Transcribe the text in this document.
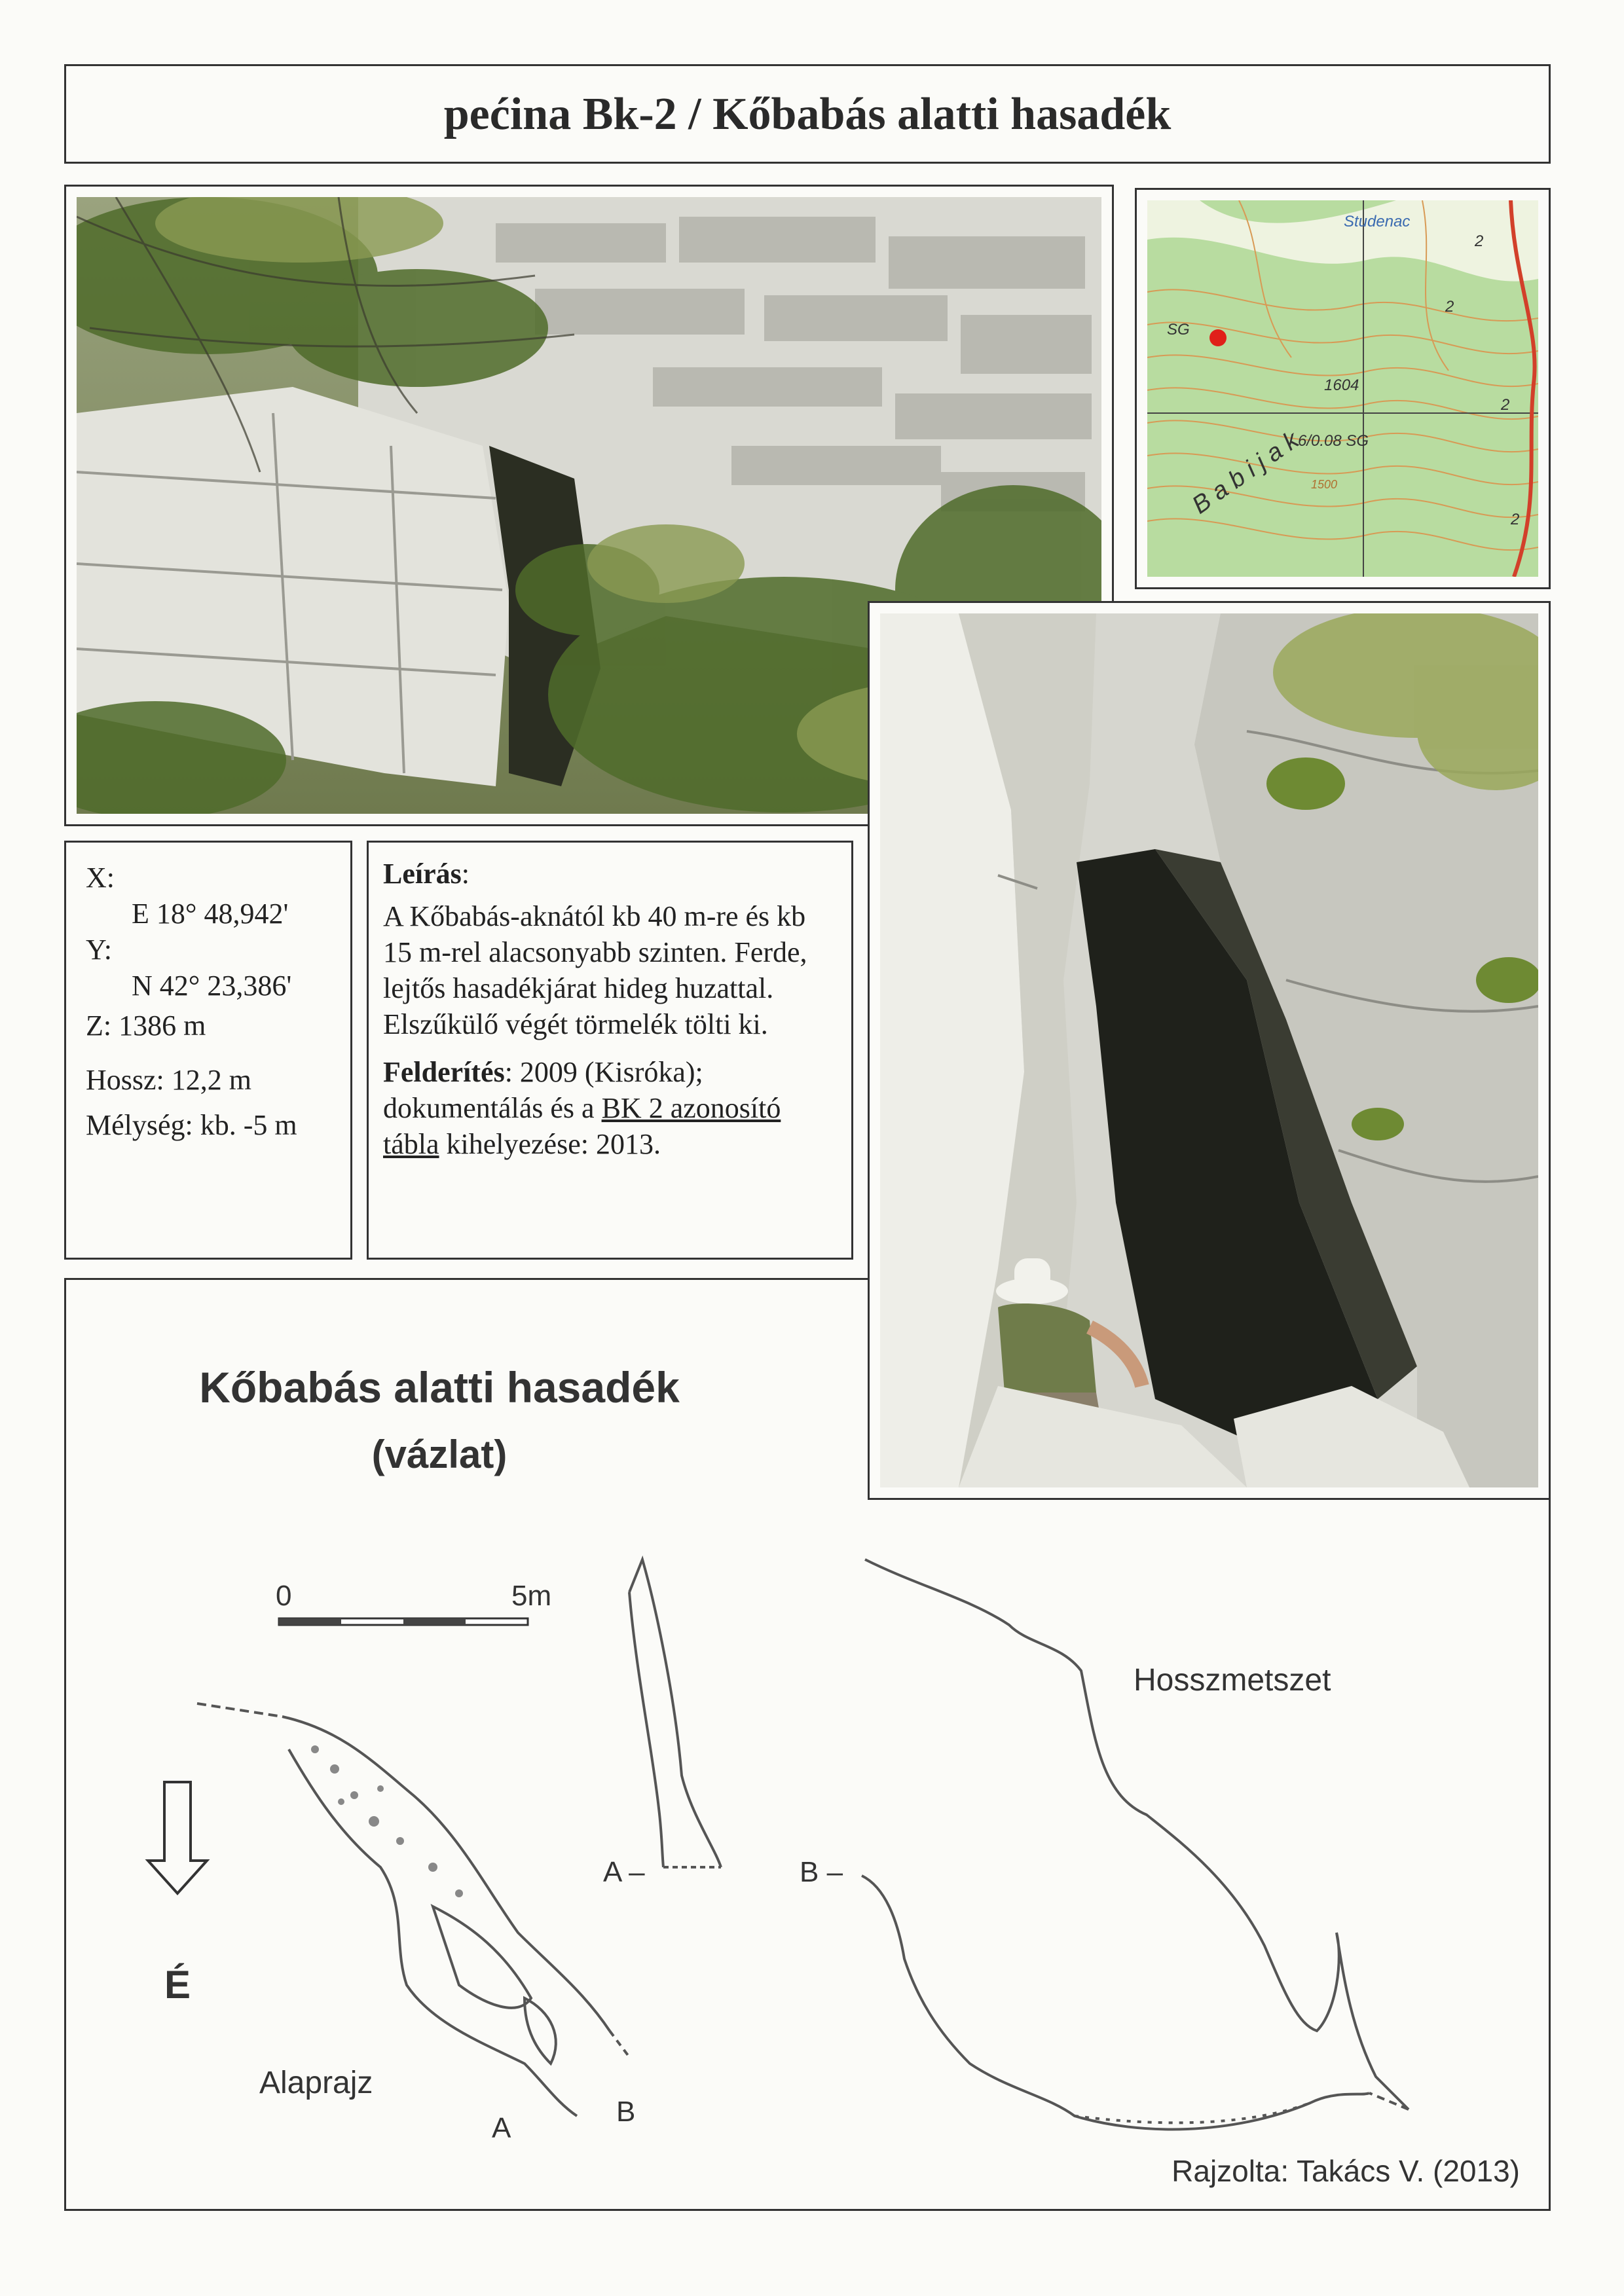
pećina Bk-2 / Kőbabás alatti hasadék
Studenac
SG
1604
6/0.08 SG
B a b i j a k 1500
2
2
2
2

X:

E 18° 48,942'

Y:

N 42° 23,386'

Z: 1386 m

Hossz: 12,2 m

Mélység: kb. -5 m

Leírás:

A Kőbabás-aknától kb 40 m-re és kb 15 m-rel alacsonyabb szinten. Ferde, lejtős hasadékjárat hideg huzattal. Elszűkülő végét törmelék tölti ki.

Felderítés: 2009 (Kisróka); dokumentálás és a BK 2 azonosító tábla kihelyezése: 2013.

Kőbabás alatti hasadék
(vázlat)
0	5m
É
Alaprajz
Hosszmetszet
A
B
A –	B –
Rajzolta: Takács V. (2013)
